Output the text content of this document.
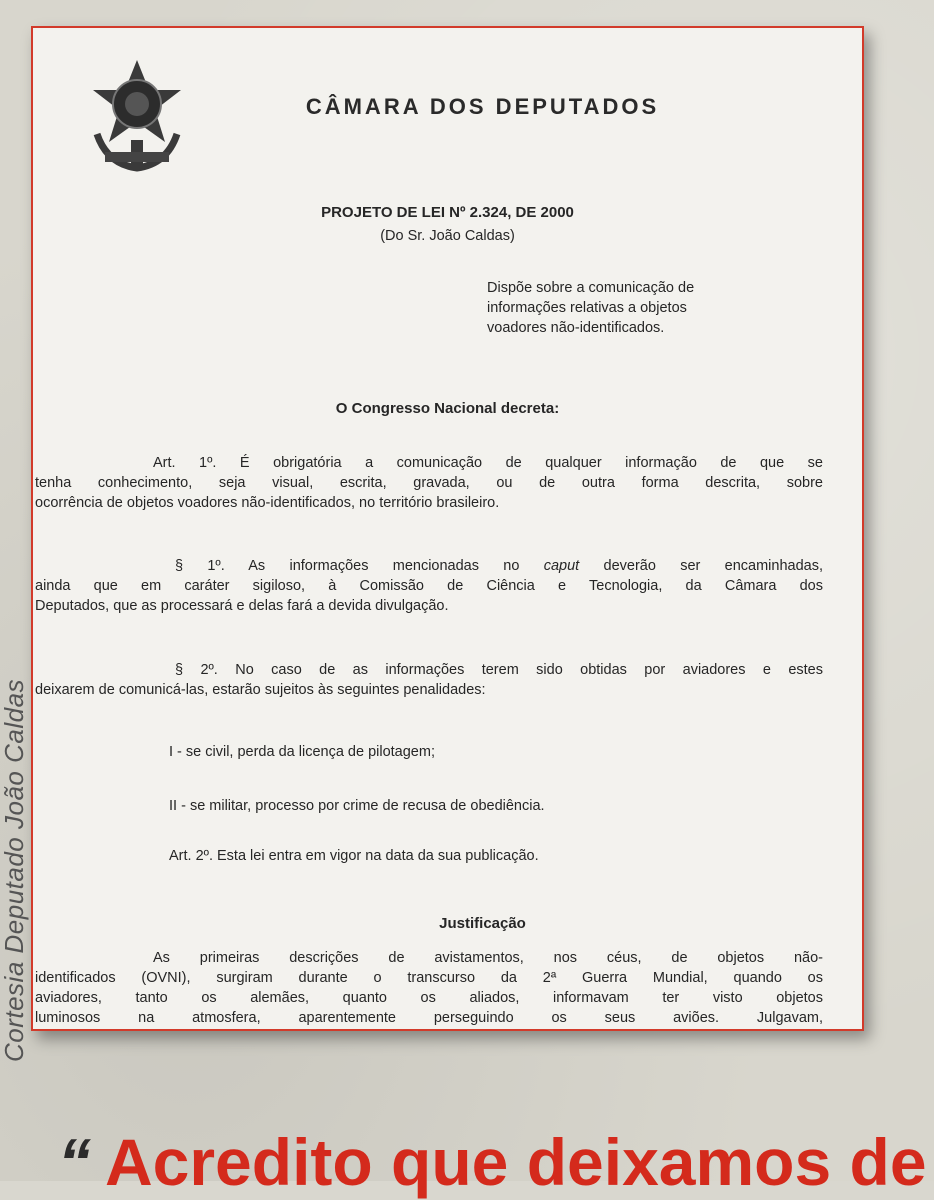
Cortesia Deputado João Caldas
CÂMARA DOS DEPUTADOS
PROJETO DE LEI Nº 2.324, DE 2000
(Do Sr. João Caldas)
Dispõe sobre a comunicação de
informações relativas a objetos
voadores não-identificados.
O Congresso Nacional decreta:
Art. 1º. É obrigatória a comunicação de qualquer informação de que se
tenha conhecimento, seja visual, escrita, gravada, ou de outra forma descrita, sobre
ocorrência de objetos voadores não-identificados, no território brasileiro.
§ 1º. As informações mencionadas no caput deverão ser encaminhadas,
ainda que em caráter sigiloso, à Comissão de Ciência e Tecnologia, da Câmara dos
Deputados, que as processará e delas fará a devida divulgação.
§ 2º. No caso de as informações terem sido obtidas por aviadores e estes
deixarem de comunicá-las, estarão sujeitos às seguintes penalidades:
I - se civil, perda da licença de pilotagem;
II - se militar, processo por crime de recusa de obediência.
Art. 2º. Esta lei entra em vigor na data da sua publicação.
Justificação
As primeiras descrições de avistamentos, nos céus, de objetos não-
identificados (OVNI), surgiram durante o transcurso da 2ª Guerra Mundial, quando os
aviadores, tanto os alemães, quanto os aliados, informavam ter visto objetos
luminosos na atmosfera, aparentemente perseguindo os seus aviões. Julgavam,
“ Acredito que deixamos de
